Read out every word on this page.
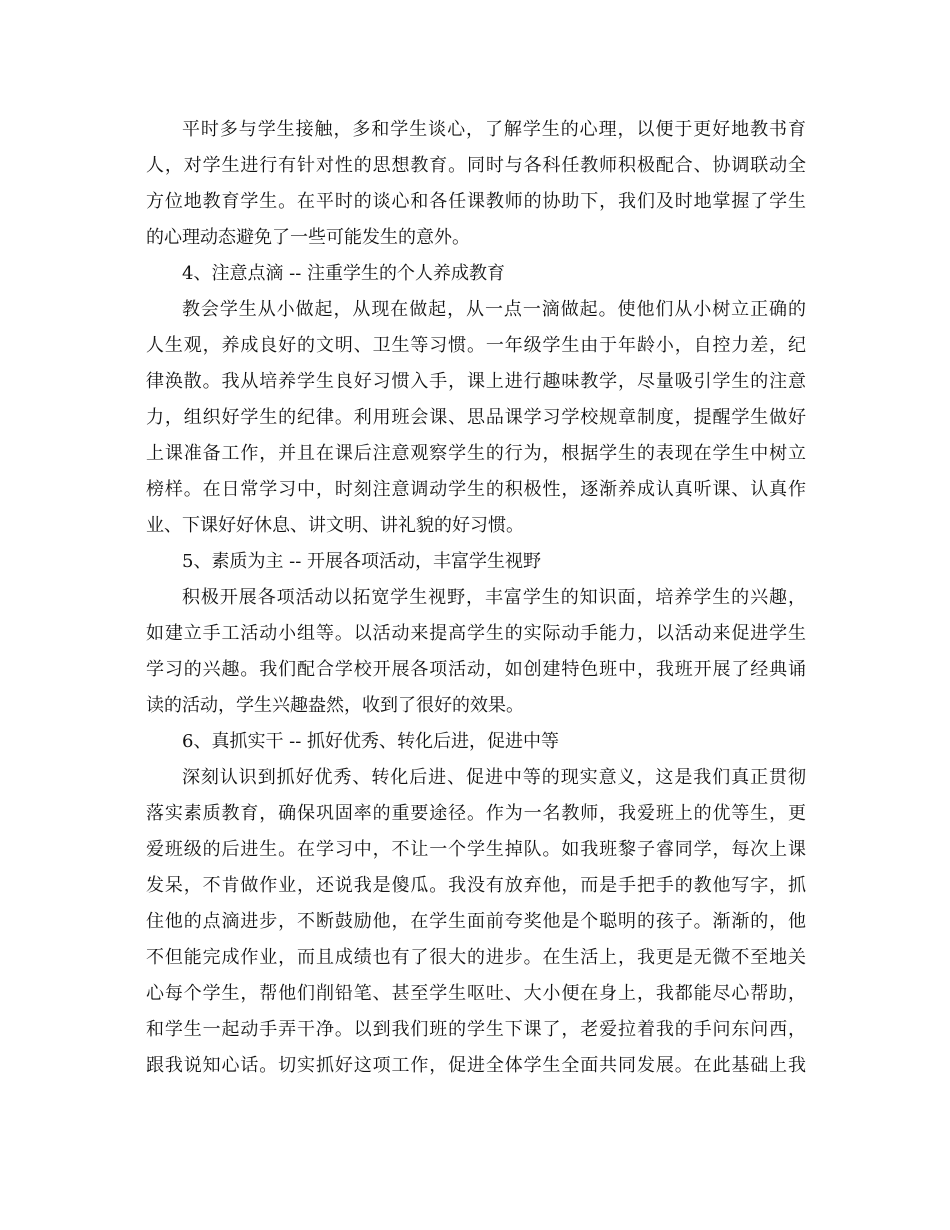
平时多与学生接触，多和学生谈心，了解学生的心理，以便于更好地教书育
人，对学生进行有针对性的思想教育。同时与各科任教师积极配合、协调联动全
方位地教育学生。在平时的谈心和各任课教师的协助下，我们及时地掌握了学生
的心理动态避免了一些可能发生的意外。
4、注意点滴 -- 注重学生的个人养成教育
教会学生从小做起，从现在做起，从一点一滴做起。使他们从小树立正确的
人生观，养成良好的文明、卫生等习惯。一年级学生由于年龄小，自控力差，纪
律涣散。我从培养学生良好习惯入手，课上进行趣味教学，尽量吸引学生的注意
力，组织好学生的纪律。利用班会课、思品课学习学校规章制度，提醒学生做好
上课准备工作，并且在课后注意观察学生的行为，根据学生的表现在学生中树立
榜样。在日常学习中，时刻注意调动学生的积极性，逐渐养成认真听课、认真作
业、下课好好休息、讲文明、讲礼貌的好习惯。
5、素质为主 -- 开展各项活动，丰富学生视野
积极开展各项活动以拓宽学生视野，丰富学生的知识面，培养学生的兴趣，
如建立手工活动小组等。以活动来提高学生的实际动手能力，以活动来促进学生
学习的兴趣。我们配合学校开展各项活动，如创建特色班中，我班开展了经典诵
读的活动，学生兴趣盎然，收到了很好的效果。
6、真抓实干 -- 抓好优秀、转化后进，促进中等
深刻认识到抓好优秀、转化后进、促进中等的现实意义，这是我们真正贯彻
落实素质教育，确保巩固率的重要途径。作为一名教师，我爱班上的优等生，更
爱班级的后进生。在学习中，不让一个学生掉队。如我班黎子睿同学，每次上课
发呆，不肯做作业，还说我是傻瓜。我没有放弃他，而是手把手的教他写字，抓
住他的点滴进步，不断鼓励他，在学生面前夸奖他是个聪明的孩子。渐渐的，他
不但能完成作业，而且成绩也有了很大的进步。在生活上，我更是无微不至地关
心每个学生，帮他们削铅笔、甚至学生呕吐、大小便在身上，我都能尽心帮助，
和学生一起动手弄干净。以到我们班的学生下课了，老爱拉着我的手问东问西，
跟我说知心话。切实抓好这项工作，促进全体学生全面共同发展。在此基础上我
